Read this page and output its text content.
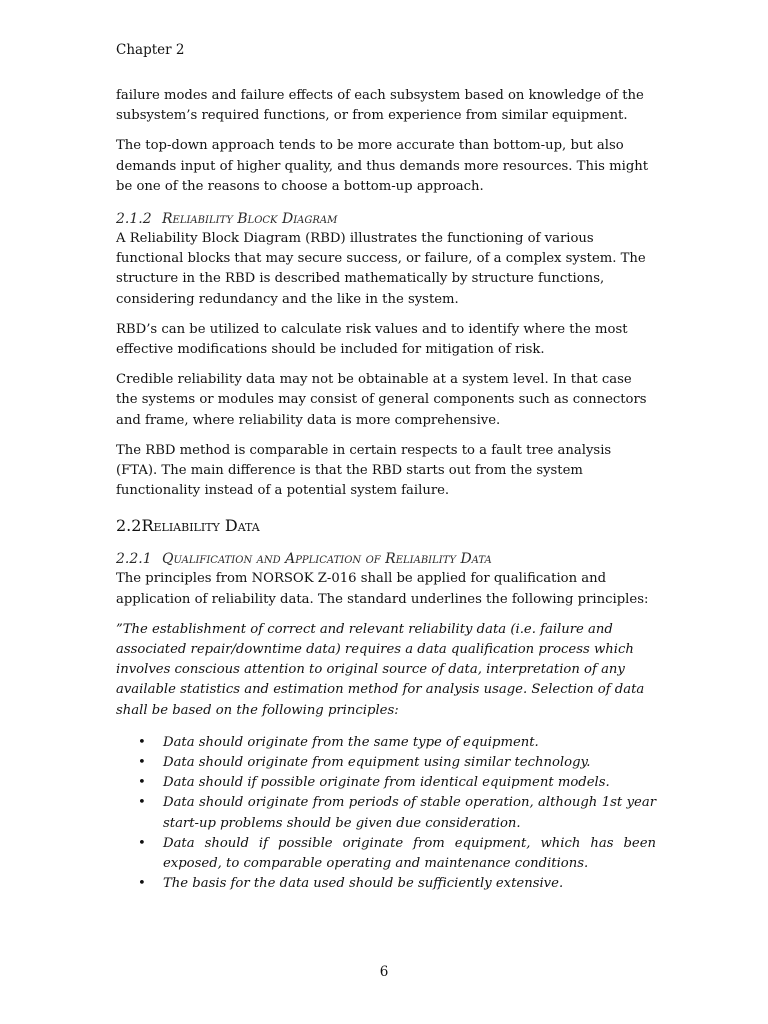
Chapter 2

failure modes and failure effects of each subsystem based on knowledge of the subsystem’s required functions, or from experience from similar equipment.

The top-down approach tends to be more accurate than bottom-up, but also demands input of higher quality, and thus demands more resources. This might be one of the reasons to choose a bottom-up approach.

2.1.2 Reliability Block Diagram

A Reliability Block Diagram (RBD) illustrates the functioning of various functional blocks that may secure success, or failure, of a complex system. The structure in the RBD is described mathematically by structure functions, considering redundancy and the like in the system.

RBD’s can be utilized to calculate risk values and to identify where the most effective modifications should be included for mitigation of risk.

Credible reliability data may not be obtainable at a system level. In that case the systems or modules may consist of general components such as connectors and frame, where reliability data is more comprehensive.

The RBD method is comparable in certain respects to a fault tree analysis (FTA). The main difference is that the RBD starts out from the system functionality instead of a potential system failure.

2.2Reliability Data
2.2.1 Qualification and Application of Reliability Data

The principles from NORSOK Z-016 shall be applied for qualification and application of reliability data. The standard underlines the following principles:

”The establishment of correct and relevant reliability data (i.e. failure and associated repair/downtime data) requires a data qualification process which involves conscious attention to original source of data, interpretation of any available statistics and estimation method for analysis usage. Selection of data shall be based on the following principles:
• Data should originate from the same type of equipment.
• Data should originate from equipment using similar technology.
• Data should if possible originate from identical equipment models.
• Data should originate from periods of stable operation, although 1st year start-up problems should be given due consideration.
• Data should if possible originate from equipment, which has been exposed, to comparable operating and maintenance conditions.
• The basis for the data used should be sufficiently extensive.
6
